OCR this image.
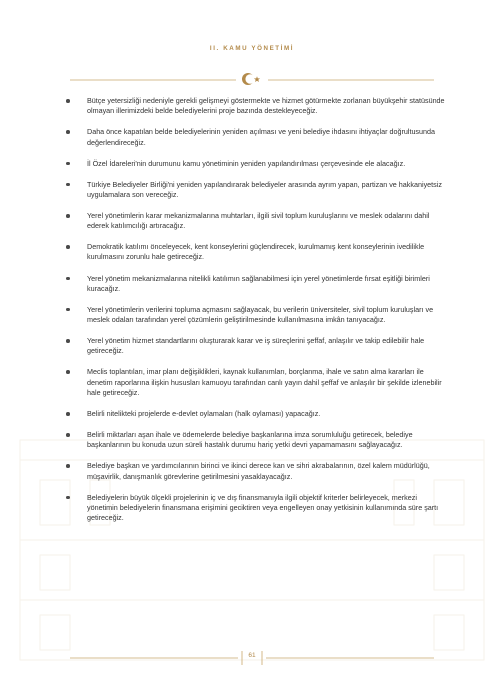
II. KAMU YÖNETİMİ
Bütçe yetersizliği nedeniyle gerekli gelişmeyi göstermekte ve hizmet götürmekte zorlanan büyükşehir statüsünde olmayan illerimizdeki belde belediyelerini proje bazında destekleyeceğiz.
Daha önce kapatılan belde belediyelerinin yeniden açılması ve yeni belediye ihdasını ihtiyaçlar doğrultusunda değerlendireceğiz.
İl Özel İdareleri'nin durumunu kamu yönetiminin yeniden yapılandırılması çerçevesinde ele alacağız.
Türkiye Belediyeler Birliği'ni yeniden yapılandırarak belediyeler arasında ayrım yapan, partizan ve hakkaniyetsiz uygulamalara son vereceğiz.
Yerel yönetimlerin karar mekanizmalarına muhtarları, ilgili sivil toplum kuruluşlarını ve meslek odalarını dahil ederek katılımcılığı artıracağız.
Demokratik katılımı önceleyecek, kent konseylerini güçlendirecek, kurulmamış kent konseylerinin ivedilikle kurulmasını zorunlu hale getireceğiz.
Yerel yönetim mekanizmalarına nitelikli katılımın sağlanabilmesi için yerel yönetimlerde fırsat eşitliği birimleri kuracağız.
Yerel yönetimlerin verilerini topluma açmasını sağlayacak, bu verilerin üniversiteler, sivil toplum kuruluşları ve meslek odaları tarafından yerel çözümlerin geliştirilmesinde kullanılmasına imkân tanıyacağız.
Yerel yönetim hizmet standartlarını oluşturarak karar ve iş süreçlerini şeffaf, anlaşılır ve takip edilebilir hale getireceğiz.
Meclis toplantıları, imar planı değişiklikleri, kaynak kullanımları, borçlanma, ihale ve satın alma kararları ile denetim raporlarına ilişkin hususları kamuoyu tarafından canlı yayın dahil şeffaf ve anlaşılır bir şekilde izlenebilir hale getireceğiz.
Belirli nitelikteki projelerde e-devlet oylamaları (halk oylaması) yapacağız.
Belirli miktarları aşan ihale ve ödemelerde belediye başkanlarına imza sorumluluğu getirecek, belediye başkanlarının bu konuda uzun süreli hastalık durumu hariç yetki devri yapamamasını sağlayacağız.
Belediye başkan ve yardımcılarının birinci ve ikinci derece kan ve sihri akrabalarının, özel kalem müdürlüğü, müşavirlik, danışmanlık görevlerine getirilmesini yasaklayacağız.
Belediyelerin büyük ölçekli projelerinin iç ve dış finansmanıyla ilgili objektif kriterler belirleyecek, merkezi yönetimin belediyelerin finansmana erişimini geciktiren veya engelleyen onay yetkisinin kullanımında süre şartı getireceğiz.
61
